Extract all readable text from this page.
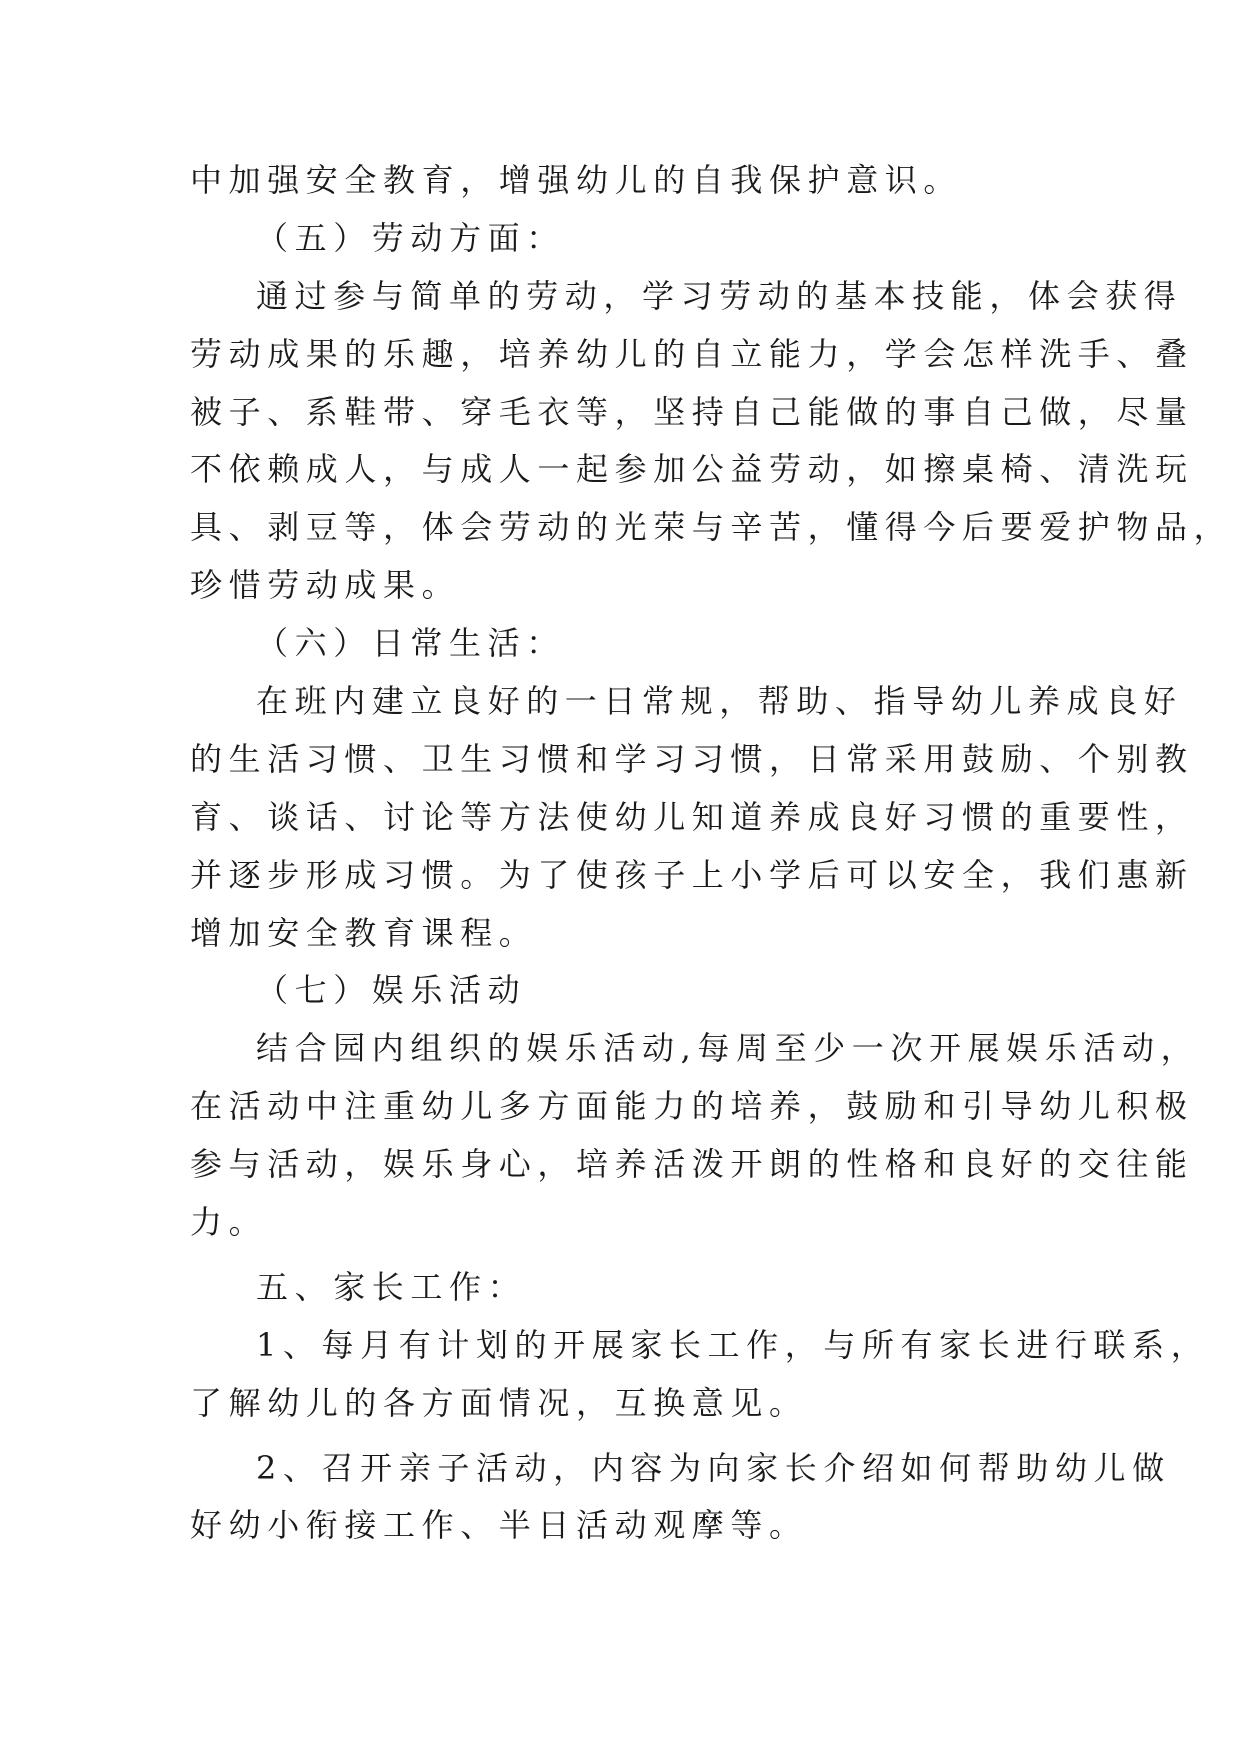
中加强安全教育，增强幼儿的自我保护意识。
（五）劳动方面：
通过参与简单的劳动，学习劳动的基本技能，体会获得
劳动成果的乐趣，培养幼儿的自立能力，学会怎样洗手、叠
被子、系鞋带、穿毛衣等，坚持自己能做的事自己做，尽量
不依赖成人，与成人一起参加公益劳动，如擦桌椅、清洗玩
具、剥豆等，体会劳动的光荣与辛苦，懂得今后要爱护物品，
珍惜劳动成果。
（六）日常生活：
在班内建立良好的一日常规，帮助、指导幼儿养成良好
的生活习惯、卫生习惯和学习习惯，日常采用鼓励、个别教
育、谈话、讨论等方法使幼儿知道养成良好习惯的重要性，
并逐步形成习惯。为了使孩子上小学后可以安全，我们惠新
增加安全教育课程。
（七）娱乐活动
结合园内组织的娱乐活动,每周至少一次开展娱乐活动，
在活动中注重幼儿多方面能力的培养，鼓励和引导幼儿积极
参与活动，娱乐身心，培养活泼开朗的性格和良好的交往能
力。
五、家长工作：
1、每月有计划的开展家长工作，与所有家长进行联系，
了解幼儿的各方面情况，互换意见。
2、召开亲子活动，内容为向家长介绍如何帮助幼儿做
好幼小衔接工作、半日活动观摩等。
